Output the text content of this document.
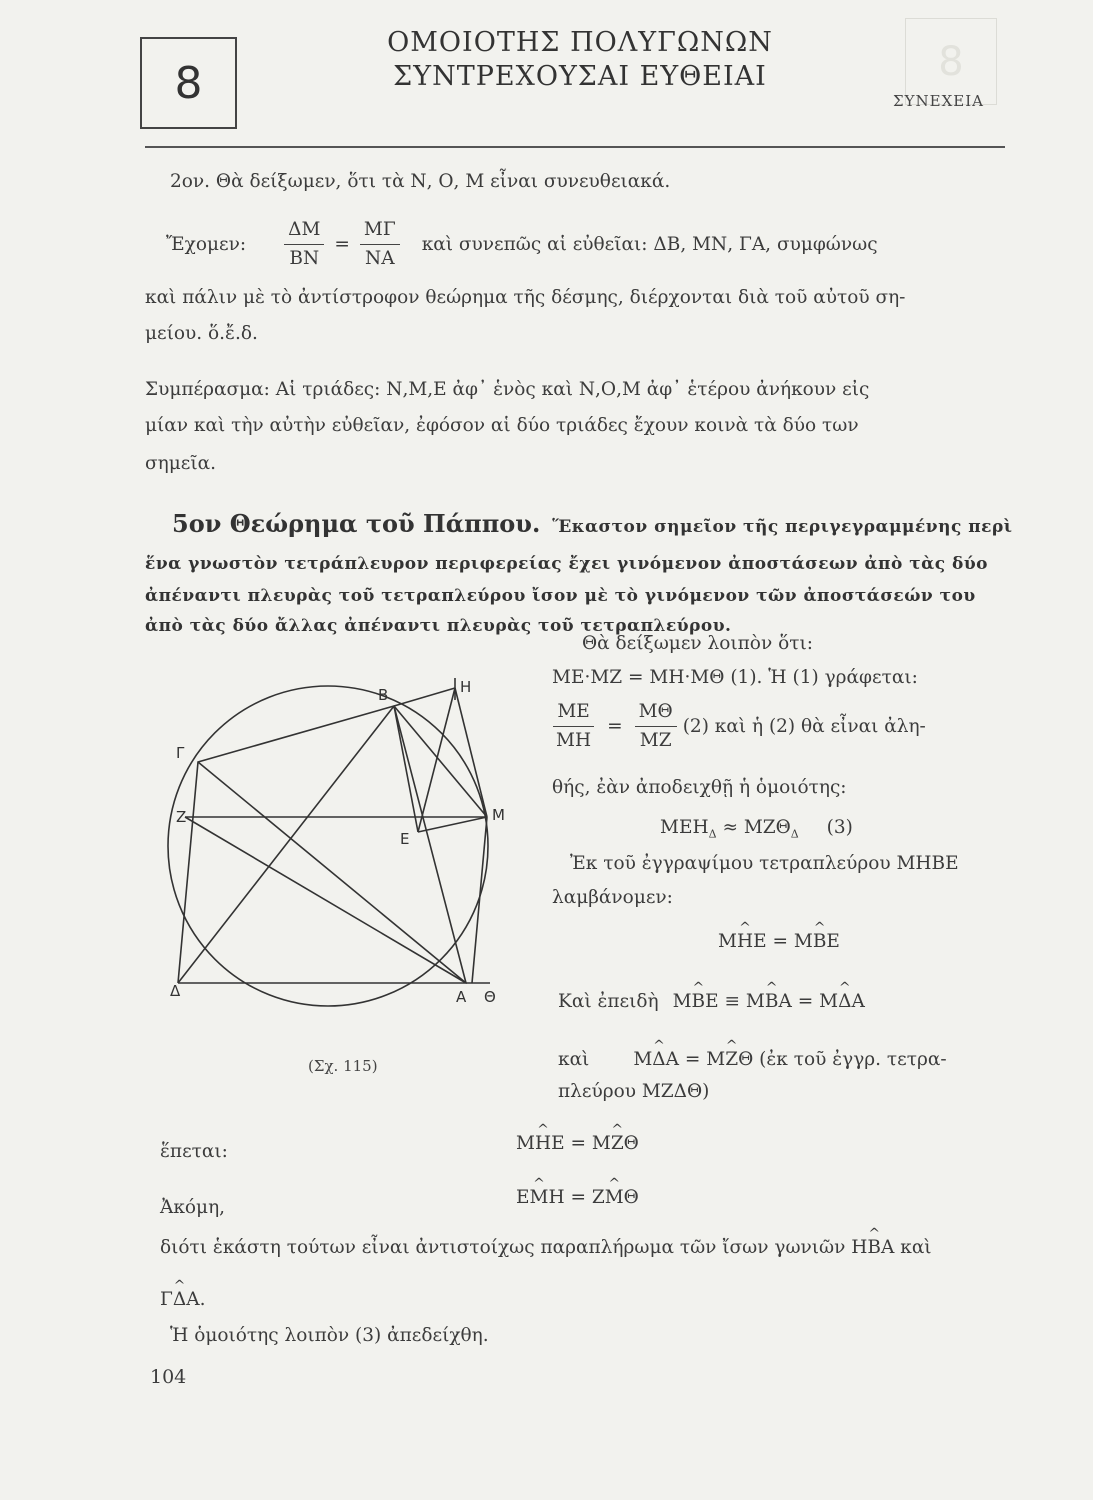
8
ΟΜΟΙΟΤΗΣ ΠΟΛΥΓΩΝΩΝ
ΣΥΝΤΡΕΧΟΥΣΑΙ ΕΥΘΕΙΑΙ	8
ΣΥΝΕΧΕΙΑ
2ον. Θὰ δείξωμεν, ὅτι τὰ Ν, Ο, Μ εἶναι συνευθειακά.
Ἔχομεν: $\frac{\Delta M}{BN} = \frac{M\Gamma}{NA}$ καὶ συνεπῶς αἱ εὐθεῖαι: ΔΒ, ΜΝ, ΓΑ, συμφώνως
καὶ πάλιν μὲ τὸ ἀντίστροφον θεώρημα τῆς δέσμης, διέρχονται διὰ τοῦ αὐτοῦ ση-
μείου. ὅ.ἔ.δ.
Συμπέρασμα: Αἱ τριάδες: Ν,Μ,Ε ἀφ᾽ ἑνὸς καὶ Ν,Ο,Μ ἀφ᾽ ἑτέρου ἀνήκουν εἰς
μίαν καὶ τὴν αὐτὴν εὐθεῖαν, ἐφόσον αἱ δύο τριάδες ἔχουν κοινὰ τὰ δύο των
σημεῖα.
5ον Θεώρημα τοῦ Πάππου. Ἕκαστον σημεῖον τῆς περιγεγραμμένης περὶ
ἕνα γνωστὸν τετράπλευρον περιφερείας ἔχει γινόμενον ἀποστάσεων ἀπὸ τὰς δύο
ἀπέναντι πλευρὰς τοῦ τετραπλεύρου ἴσον μὲ τὸ γινόμενον τῶν ἀποστάσεών του
ἀπὸ τὰς δύο ἄλλας ἀπέναντι πλευρὰς τοῦ τετραπλεύρου.
Β	Η
Γ
Ζ
Ε
Μ
Δ	Α Θ
(Σχ. 115)
Θὰ δείξωμεν λοιπὸν ὅτι:
ΜΕ·ΜΖ = ΜΗ·ΜΘ (1). Ἡ (1) γράφεται:
$\frac{ME}{MH} = \frac{M\Theta}{MZ} (2)$ καὶ ἡ (2) θὰ εἶναι ἀλη-
θής, ἐὰν ἀποδειχθῇ ἡ ὁμοιότης:
$MEH_\Delta \approx MZ\Theta_\Delta$ (3)
Ἐκ τοῦ ἐγγραψίμου τετραπλεύρου ΜΗΒΕ
λαμβάνομεν:
Μ^ ΗΕ = Μ^ ΒΕ
Καὶ ἐπειδὴ Μ^ ΒΕ ≡ Μ^ ΒΑ = Μ^ ΔΑ
καὶ Μ^ ΔΑ = Μ^ ΖΘ (ἐκ τοῦ ἐγγρ. τετρα-
πλεύρου ΜΖΔΘ)
ἕπεται:	Μ^ ΗΕ = Μ^ ΖΘ
Ἀκόμη,	Ε^ ΜΗ = Ζ^ ΜΘ
διότι ἑκάστη τούτων εἶναι ἀντιστοίχως παραπλήρωμα τῶν ἴσων γωνιῶν Η^ ΒΑ καὶ
Γ^ ΔΑ.
Ἡ ὁμοιότης λοιπὸν (3) ἀπεδείχθη.
104
